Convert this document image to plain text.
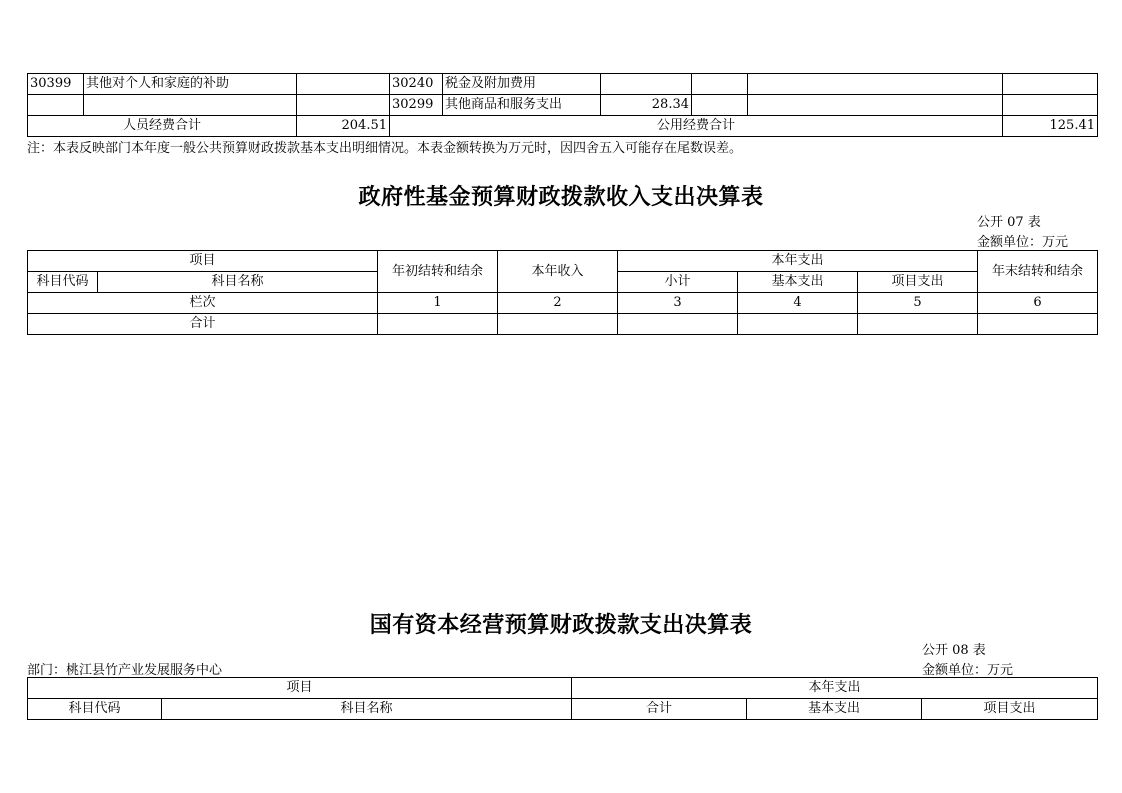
30399	其他对个人和家庭的补助		30240	税金及附加费用				
			30299	其他商品和服务支出	28.34			
人员经费合计		204.51	公用经费合计					125.41
注：本表反映部门本年度一般公共预算财政拨款基本支出明细情况。本表金额转换为万元时，因四舍五入可能存在尾数误差。
政府性基金预算财政拨款收入支出决算表
公开 07 表
金额单位：万元
项目		年初结转和结余	本年收入	本年支出			年末结转和结余
科目代码	科目名称			小计	基本支出	项目支出	
栏次		1	2	3	4	5	6
合计							
国有资本经营预算财政拨款支出决算表
公开 08 表
部门：桃江县竹产业发展服务中心	金额单位：万元
项目		本年支出		
科目代码	科目名称	合计	基本支出	项目支出
